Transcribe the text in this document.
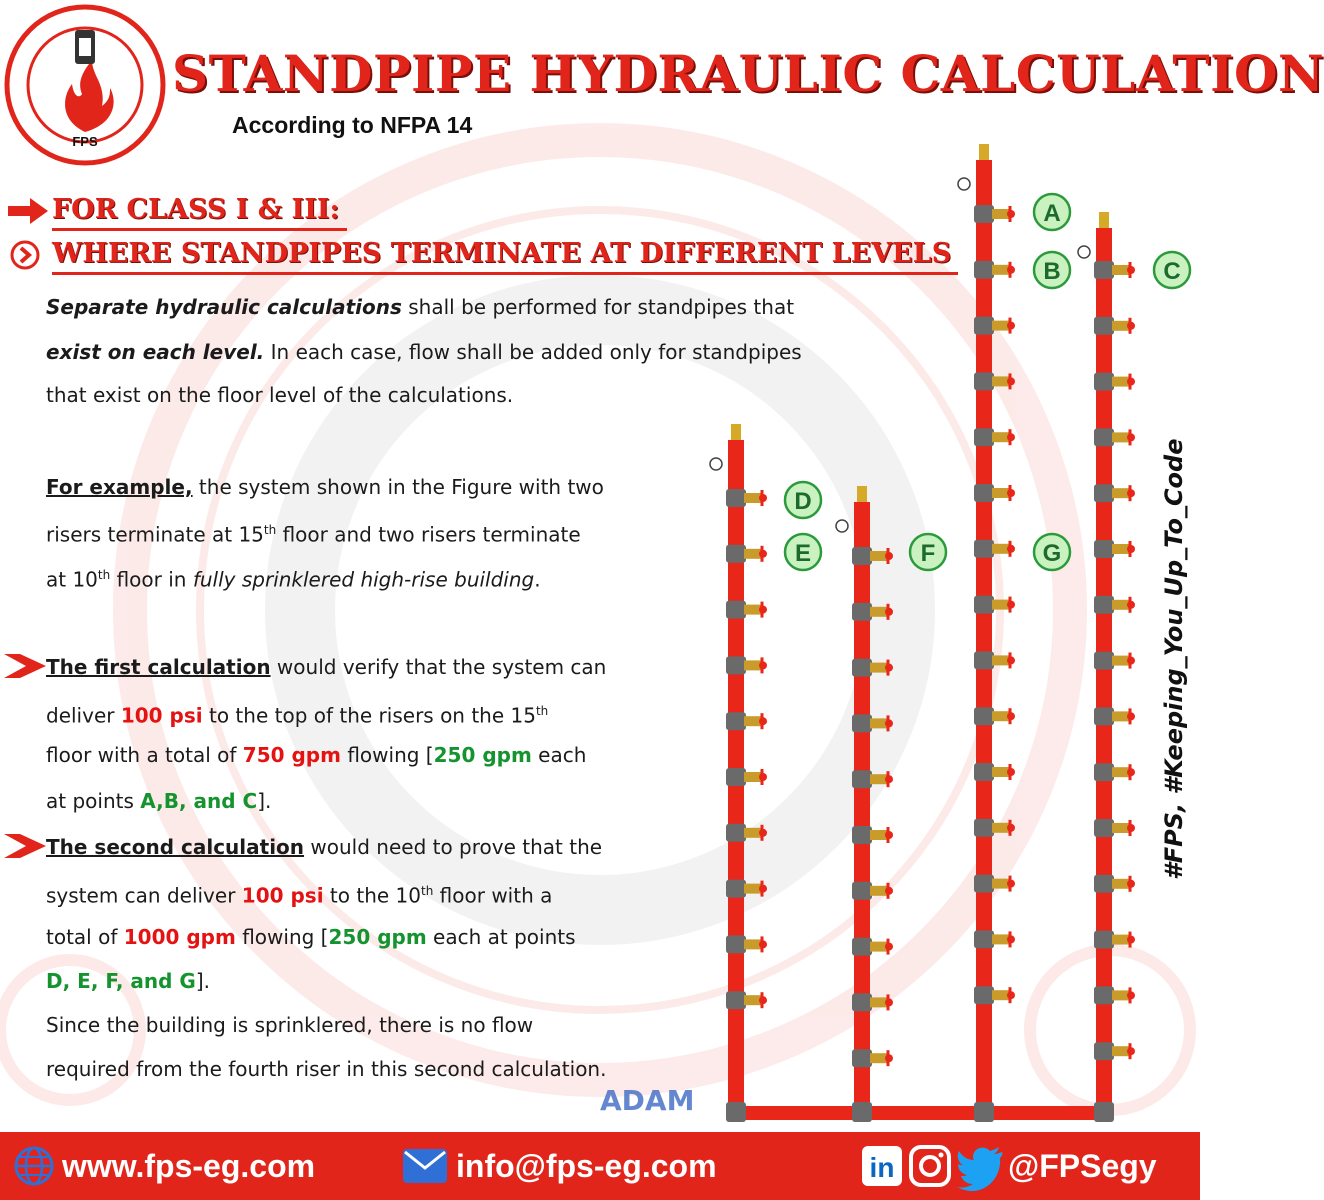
FPS
STANDPIPE HYDRAULIC CALCULATION
According to NFPA 14
FOR CLASS I & III:
WHERE STANDPIPES TERMINATE AT DIFFERENT LEVELS
Separate hydraulic calculations shall be performed for standpipes that
exist on each level. In each case, flow shall be added only for standpipes
that exist on the floor level of the calculations.
For example, the system shown in the Figure with two
risers terminate at 15th floor and two risers terminate
at 10th floor in fully sprinklered high-rise building.
The first calculation would verify that the system can
deliver 100 psi to the top of the risers on the 15th
floor with a total of 750 gpm flowing [250 gpm each
at points A,B, and C].
The second calculation would need to prove that the
system can deliver 100 psi to the 10th floor with a
total of 1000 gpm flowing [250 gpm each at points
D, E, F, and G].
Since the building is sprinklered, there is no flow
required from the fourth riser in this second calculation.
A
B	C
D
E	F	G	#FPS, #Keeping_You_Up_To_Code
ADAM
www.fps-eg.com	info@fps-eg.com	in	@FPSegy
